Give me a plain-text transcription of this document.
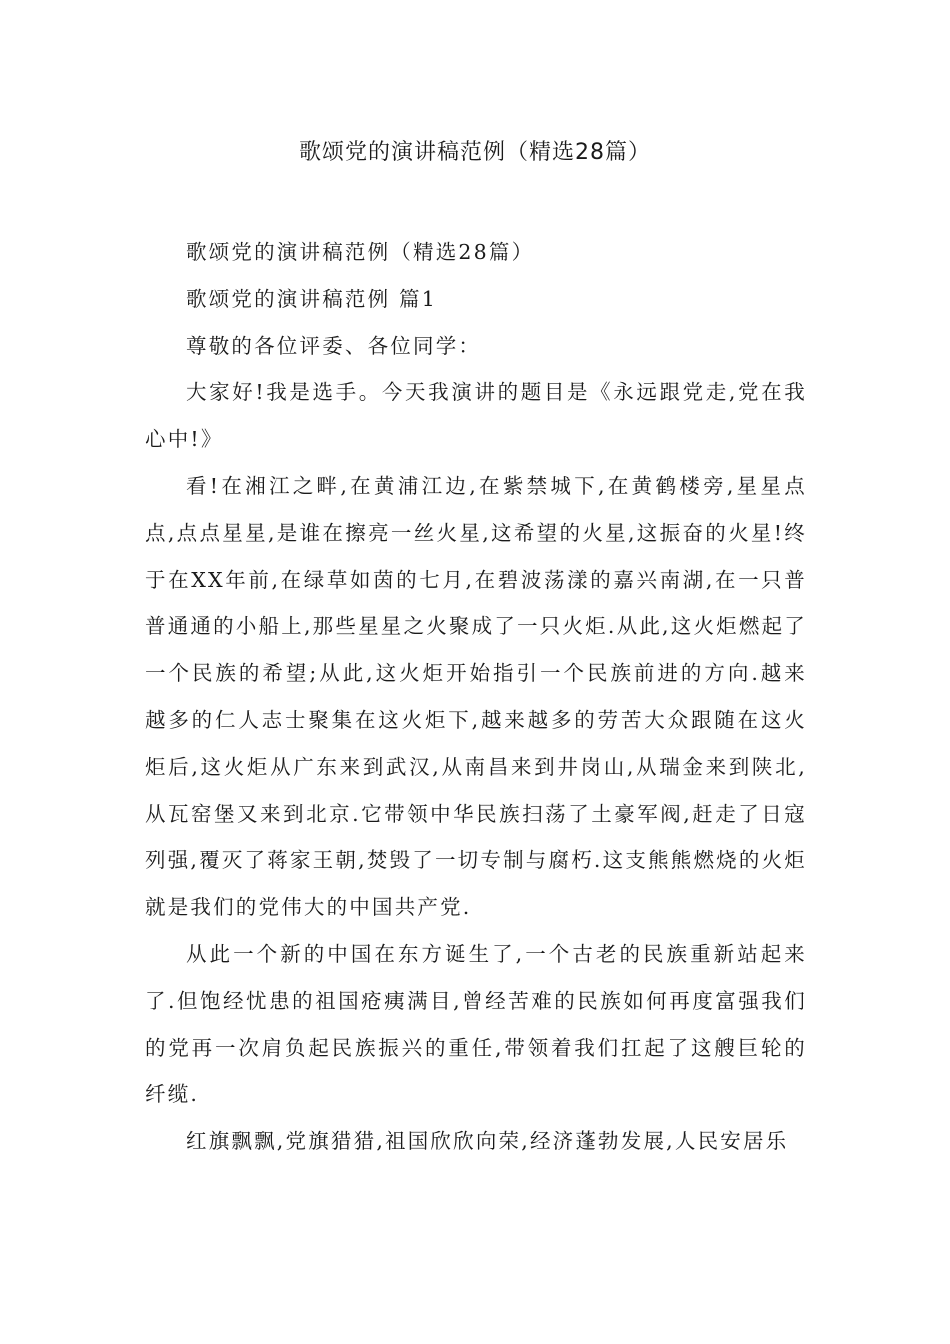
歌颂党的演讲稿范例（精选28篇）

歌颂党的演讲稿范例（精选28篇）

歌颂党的演讲稿范例 篇1

尊敬的各位评委、各位同学：

大家好!我是选手。今天我演讲的题目是《永远跟党走,党在我心中!》

看!在湘江之畔,在黄浦江边,在紫禁城下,在黄鹤楼旁,星星点点,点点星星,是谁在擦亮一丝火星,这希望的火星,这振奋的火星!终于在XX年前,在绿草如茵的七月,在碧波荡漾的嘉兴南湖,在一只普普通通的小船上,那些星星之火聚成了一只火炬.从此,这火炬燃起了一个民族的希望;从此,这火炬开始指引一个民族前进的方向.越来越多的仁人志士聚集在这火炬下,越来越多的劳苦大众跟随在这火炬后,这火炬从广东来到武汉,从南昌来到井岗山,从瑞金来到陕北,从瓦窑堡又来到北京.它带领中华民族扫荡了土豪军阀,赶走了日寇列强,覆灭了蒋家王朝,焚毁了一切专制与腐朽.这支熊熊燃烧的火炬就是我们的党伟大的中国共产党.

从此一个新的中国在东方诞生了,一个古老的民族重新站起来了.但饱经忧患的祖国疮痍满目,曾经苦难的民族如何再度富强我们的党再一次肩负起民族振兴的重任,带领着我们扛起了这艘巨轮的纤缆.

红旗飘飘,党旗猎猎,祖国欣欣向荣,经济蓬勃发展,人民安居乐
